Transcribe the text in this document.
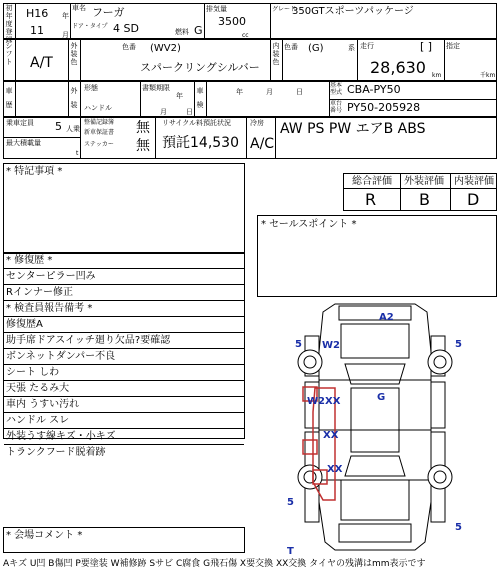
初年度登録
H16 年
11	月
車名 フーガ
ドア・タイプ 4 SD
排気量
3500
cc
燃料 G
グレード
350GTスポーツパッケージ
シフト A/T
外装色
色番 (WV2)
スパークリングシルバー
内装色
色番 (G)	系 走行	[ ]
28,630 km
指定
千km
車歴
外装
形態
ハンドル
書類期限
年
月	日
車検
年	月	日
基本型式 CBA-PY50
車台番号 PY50-205928
乗車定員 5 人乗
最大積載量
t
整備記録簿
新車保証書
ステッカー
無
無
リサイクル料預託状況
預託14,530
冷房
A/C
AW PS PW エアB ABS
* 特記事項 *
総合評価 外装評価 内装評価
R	B D
* セールスポイント *
* 修復歴 *
センターピラー凹み
Rインナー修正
* 検査員報告備考 *
修復歴A
助手席ドアスイッチ廻り欠品?要確認
ボンネットダンパー不良
シート しわ
天張 たるみ大
車内 うすい汚れ
ハンドル スレ
外装うす線キズ・小キズ
トランクフード脱着跡
A2
W2
5	5
W2XX	G
XX
XX
5
5
T
* 会場コメント *
Aキズ U凹 B傷凹 P要塗装 W補修跡 Sサビ C腐食 G飛石傷 X要交換 XX交換 タイヤの残溝はmm表示です
